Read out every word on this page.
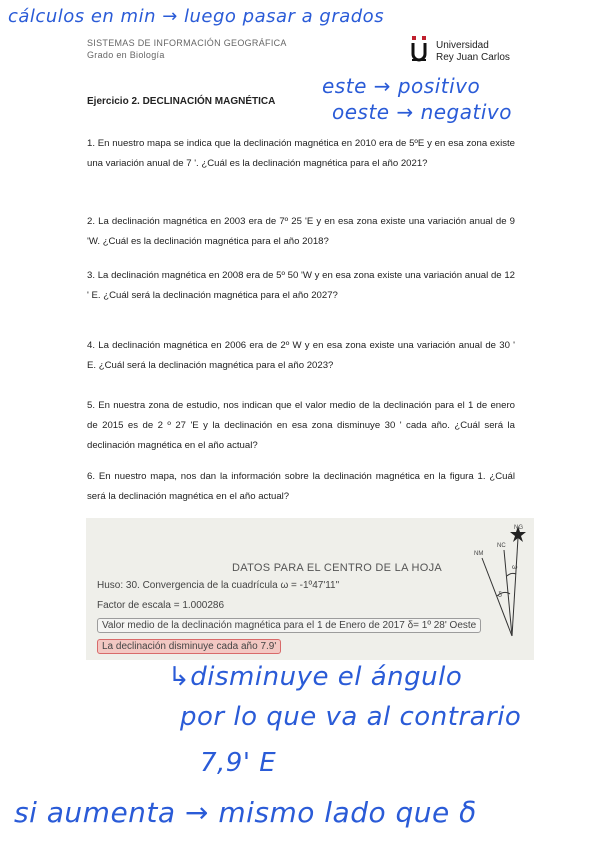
cálculos en min → luego pasar a grados
SISTEMAS DE INFORMACIÓN GEOGRÁFICA
Grado en Biología
Universidad
Rey Juan Carlos
este → positivo
oeste → negativo
Ejercicio 2. DECLINACIÓN MAGNÉTICA
1. En nuestro mapa se indica que la declinación magnética en 2010 era de 5ºE y en esa zona existe una variación anual de 7 '. ¿Cuál es la declinación magnética para el año 2021?
2. La declinación magnética en 2003 era de 7º 25 'E y en esa zona existe una variación anual de 9 'W. ¿Cuál es la declinación magnética para el año 2018?
3. La declinación magnética en 2008 era de 5º 50 'W y en esa zona existe una variación anual de 12 ' E. ¿Cuál será la declinación magnética para el año 2027?
4. La declinación magnética en 2006 era de 2º W y en esa zona existe una variación anual de 30 ' E. ¿Cuál será la declinación magnética para el año 2023?
5. En nuestra zona de estudio, nos indican que el valor medio de la declinación para el 1 de enero de 2015 es de 2 º 27 'E y la declinación en esa zona disminuye 30 ' cada año. ¿Cuál será la declinación magnética en el año actual?
6. En nuestro mapa, nos dan la información sobre la declinación magnética en la figura 1. ¿Cuál será la declinación magnética en el año actual?
DATOS PARA EL CENTRO DE LA HOJA
Huso: 30. Convergencia de la cuadrícula ω = -1º47'11"
Factor de escala = 1.000286
Valor medio de la declinación magnética para el 1 de Enero de 2017 δ= 1º 28' Oeste
La declinación disminuye cada año 7.9'
NG
NM
NC
ω
δ
↳disminuye el ángulo
por lo que va al contrario
7,9' E
si aumenta → mismo lado que δ
